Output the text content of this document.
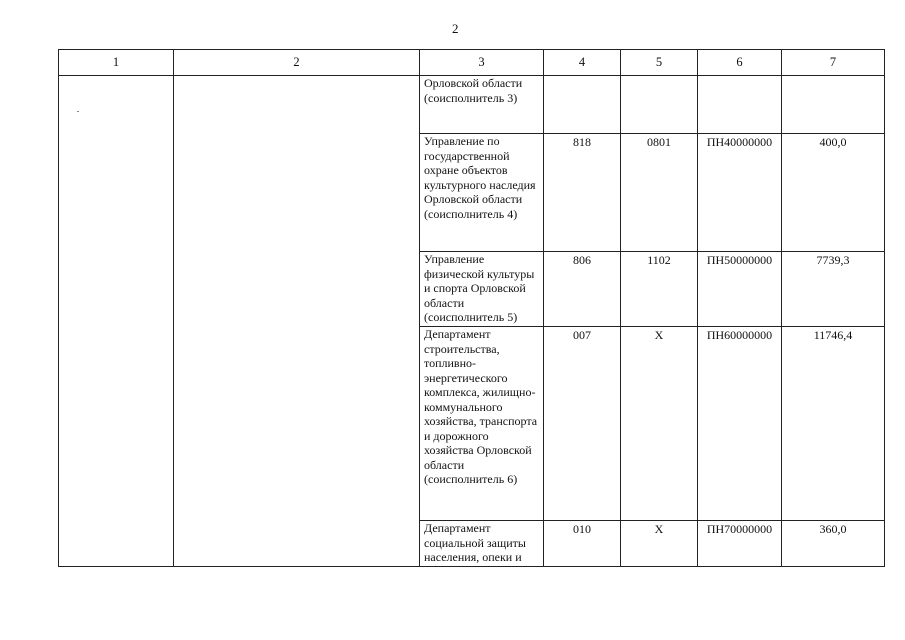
2
1	2	3	4	5	6	7
		Орловской области (соисполнитель 3)				
		Управление по государственной охране объектов культурного наследия Орловской области (соисполнитель 4)	818	0801	ПН40000000	400,0
		Управление физической культуры и спорта Орловской области (соисполнитель 5)	806	1102	ПН50000000	7739,3
		Департамент строительства, топливно-энергетического комплекса, жилищно-коммунального хозяйства, транспорта и дорожного хозяйства Орловской области (соисполнитель 6)	007	Х	ПН60000000	11746,4
		Департамент социальной защиты населения, опеки и	010	Х	ПН70000000	360,0
